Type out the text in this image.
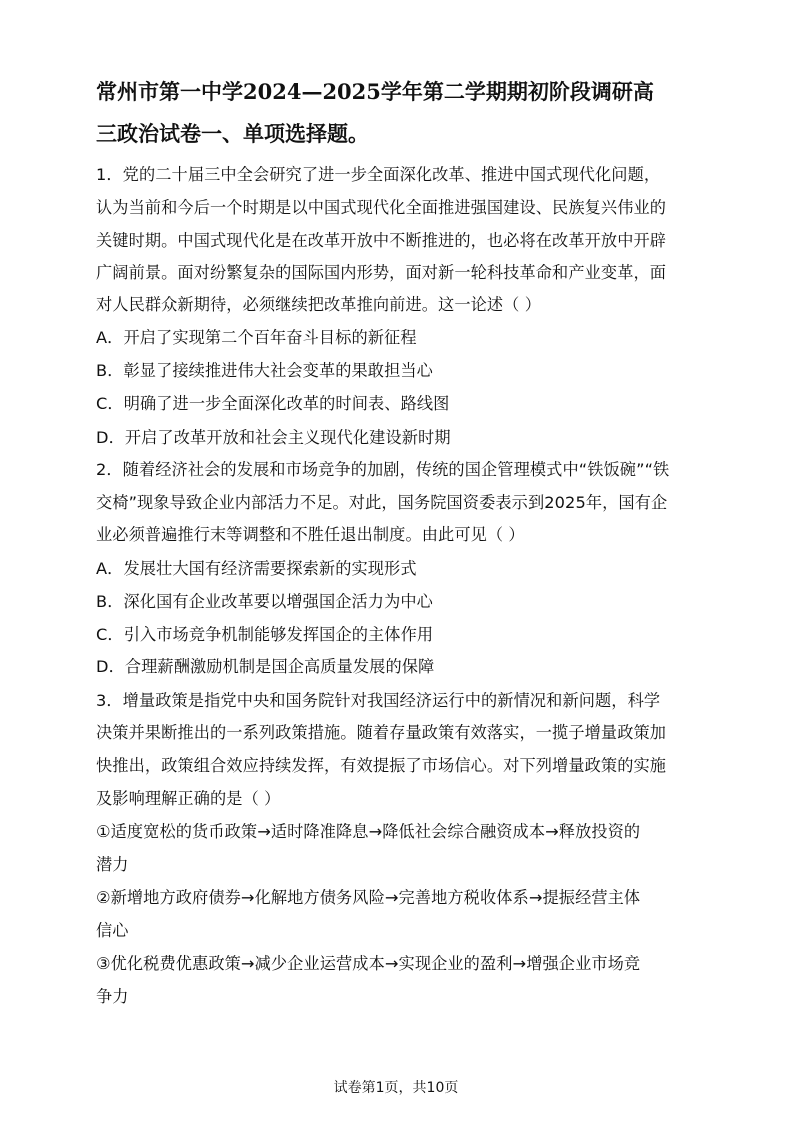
常州市第一中学2024—2025学年第二学期期初阶段调研高
三政治试卷一、单项选择题。
1．党的二十届三中全会研究了进一步全面深化改革、推进中国式现代化问题，
认为当前和今后一个时期是以中国式现代化全面推进强国建设、民族复兴伟业的
关键时期。中国式现代化是在改革开放中不断推进的，也必将在改革开放中开辟
广阔前景。面对纷繁复杂的国际国内形势，面对新一轮科技革命和产业变革，面
对人民群众新期待，必须继续把改革推向前进。这一论述（ ）
A．开启了实现第二个百年奋斗目标的新征程
B．彰显了接续推进伟大社会变革的果敢担当心
C．明确了进一步全面深化改革的时间表、路线图
D．开启了改革开放和社会主义现代化建设新时期
2．随着经济社会的发展和市场竞争的加剧，传统的国企管理模式中“铁饭碗”“铁
交椅”现象导致企业内部活力不足。对此，国务院国资委表示到2025年，国有企
业必须普遍推行末等调整和不胜任退出制度。由此可见（ ）
A．发展壮大国有经济需要探索新的实现形式
B．深化国有企业改革要以增强国企活力为中心
C．引入市场竞争机制能够发挥国企的主体作用
D．合理薪酬激励机制是国企高质量发展的保障
3．增量政策是指党中央和国务院针对我国经济运行中的新情况和新问题，科学
决策并果断推出的一系列政策措施。随着存量政策有效落实，一揽子增量政策加
快推出，政策组合效应持续发挥，有效提振了市场信心。对下列增量政策的实施
及影响理解正确的是（ ）
①适度宽松的货币政策→适时降准降息→降低社会综合融资成本→释放投资的
潜力
②新增地方政府债券→化解地方债务风险→完善地方税收体系→提振经营主体
信心
③优化税费优惠政策→减少企业运营成本→实现企业的盈利→增强企业市场竞
争力
试卷第1页，共10页
